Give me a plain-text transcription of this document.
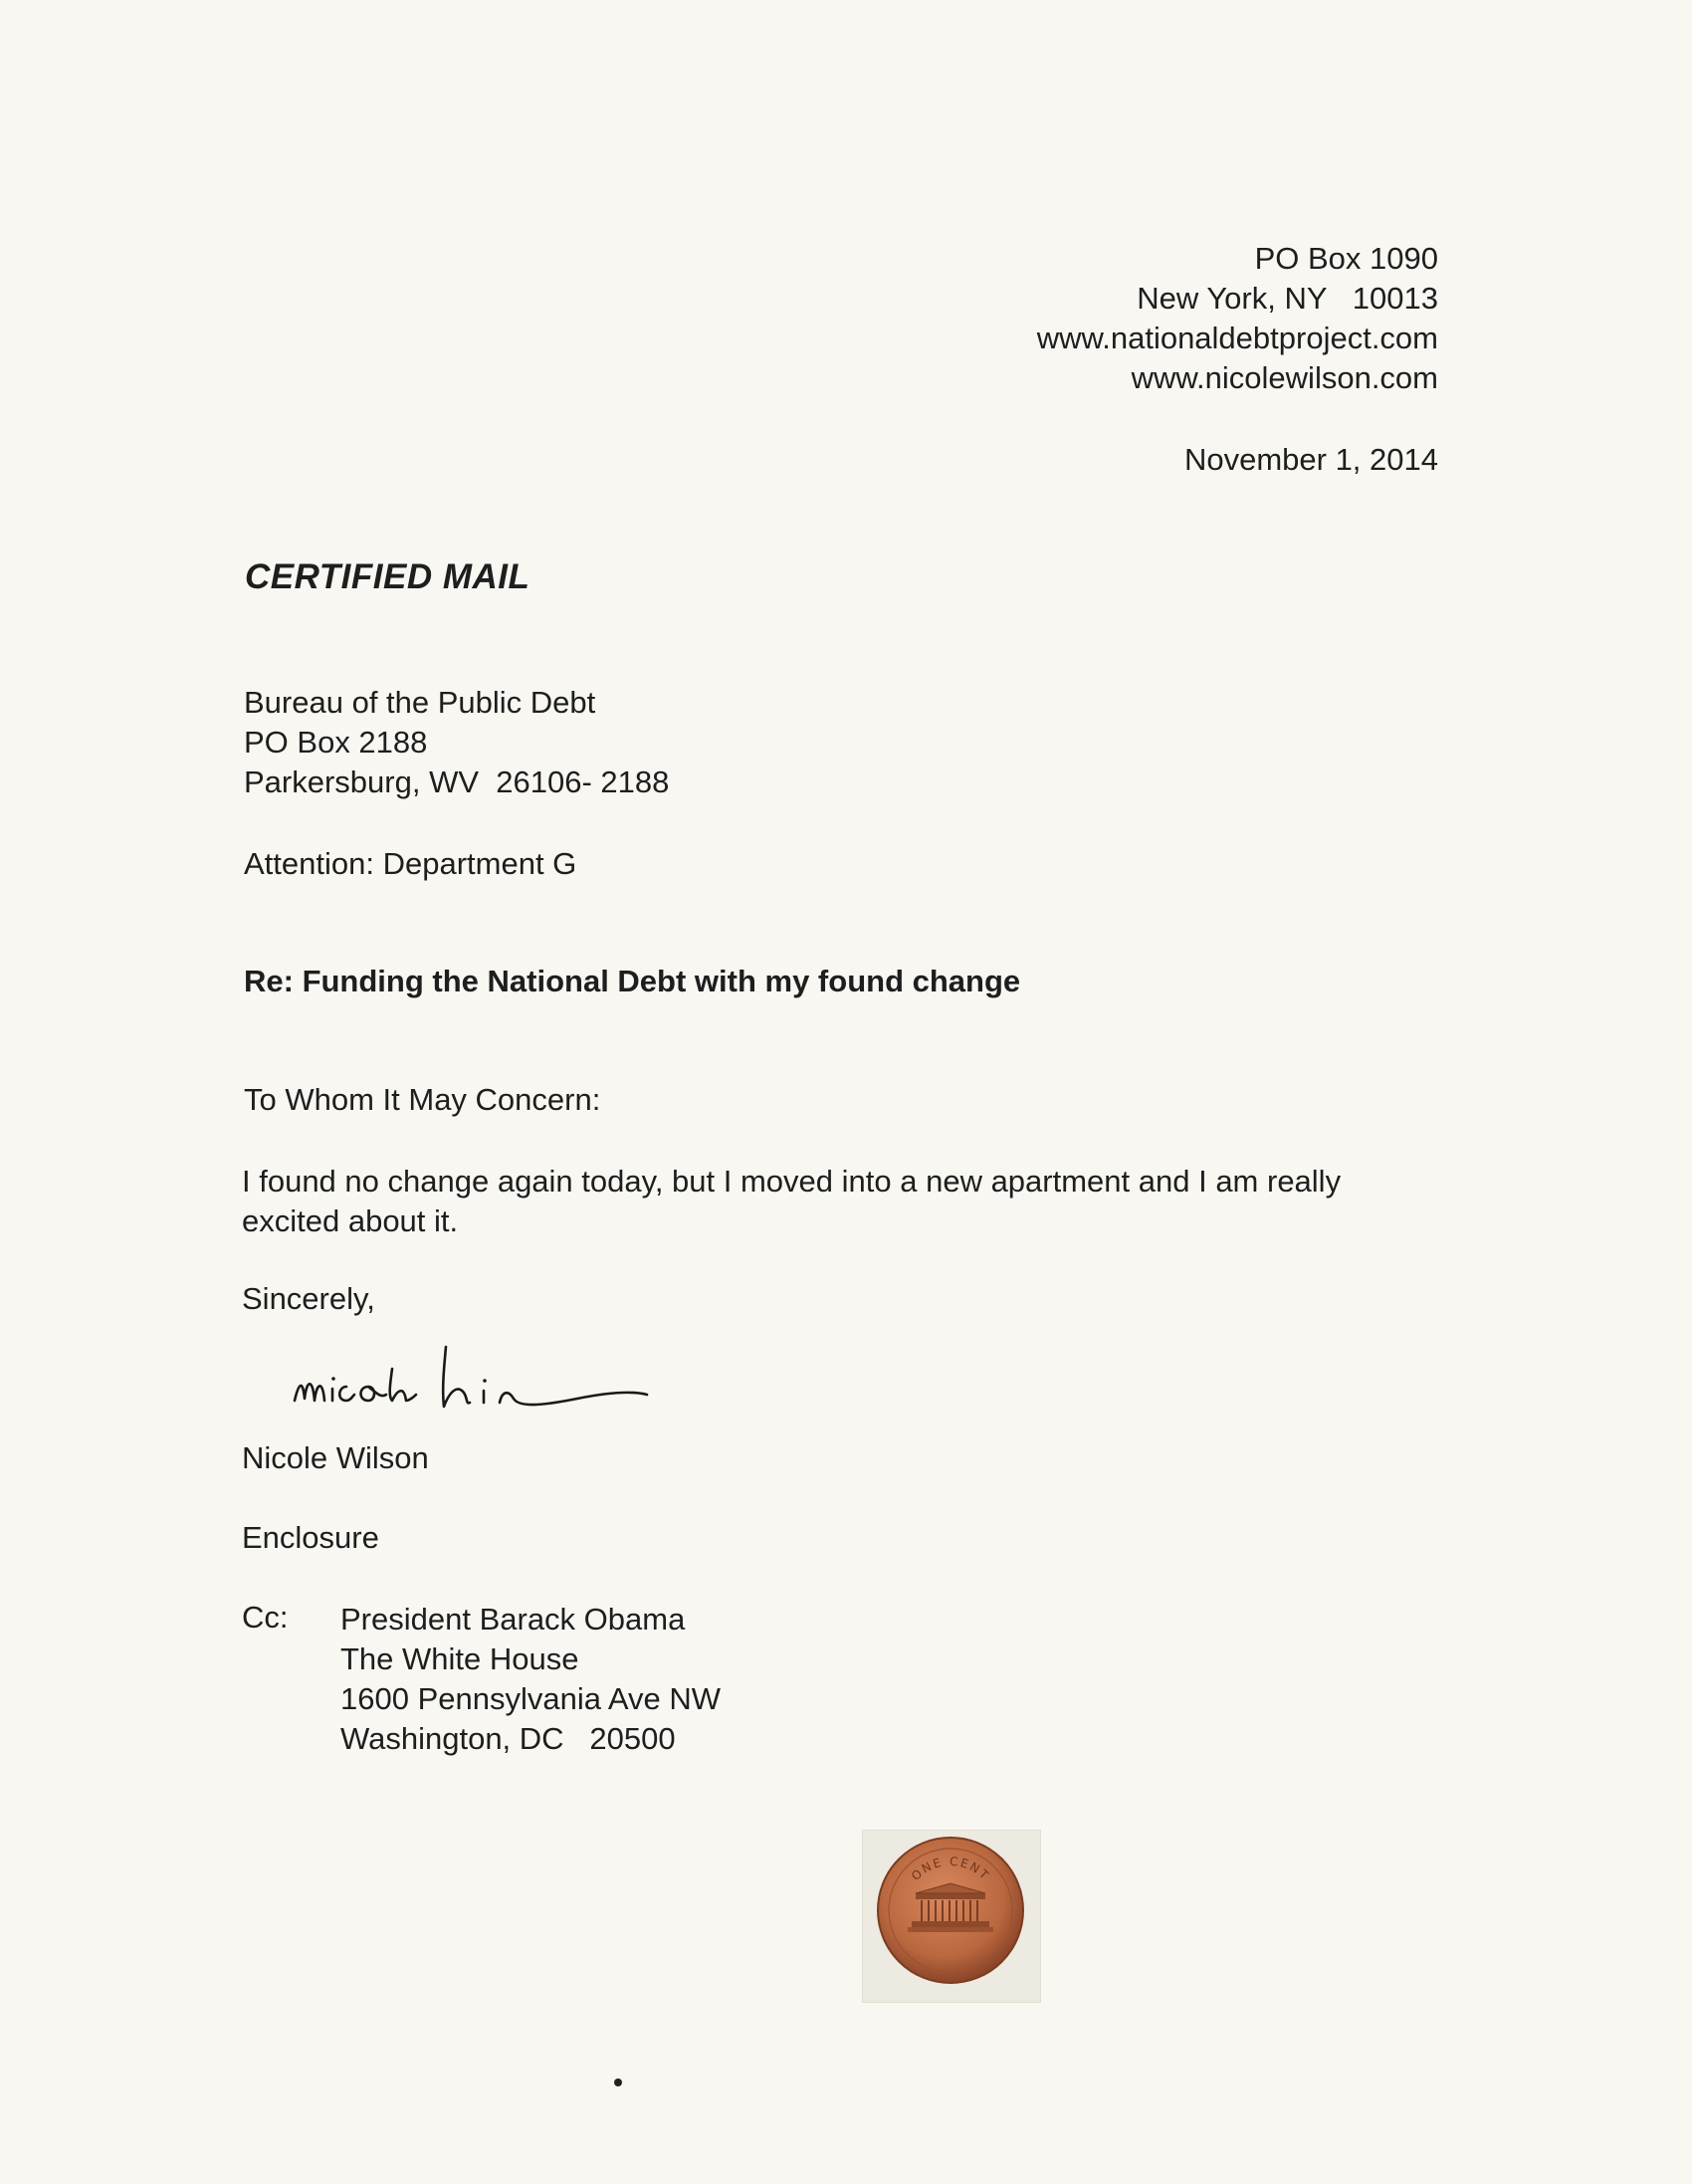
PO Box 1090
New York, NY   10013
www.nationaldebtproject.com
www.nicolewilson.com
November 1, 2014
CERTIFIED MAIL
Bureau of the Public Debt
PO Box 2188
Parkersburg, WV  26106- 2188
Attention: Department G
Re: Funding the National Debt with my found change
To Whom It May Concern:
I found no change again today, but I moved into a new apartment and I am really
excited about it.
Sincerely,
Nicole Wilson
Enclosure
Cc: President Barack Obama
The White House
1600 Pennsylvania Ave NW
Washington, DC   20500
ONE CENT
